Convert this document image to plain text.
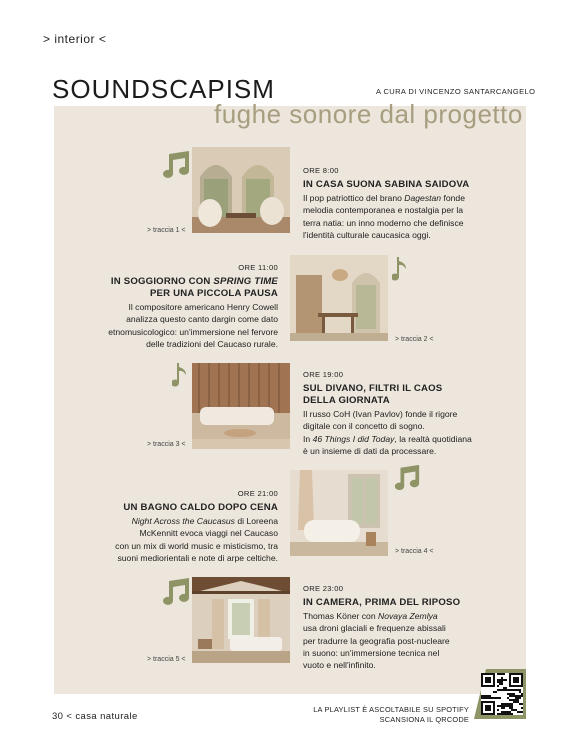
> interior <
SOUNDSCAPISM	A CURA DI VINCENZO SANTARCANGELO
fughe sonore dal progetto
> traccia 1 <
ORE 8:00
IN CASA SUONA SABINA SAIDOVA
Il pop patriottico del brano Dagestan fonde
melodia contemporanea e nostalgia per la
terra natia: un inno moderno che definisce
l'identità culturale caucasica oggi.
ORE 11:00
IN SOGGIORNO CON SPRING TIME
PER UNA PICCOLA PAUSA
Il compositore americano Henry Cowell
analizza questo canto dargin come dato
etnomusicologico: un'immersione nel fervore
delle tradizioni del Caucaso rurale.	> traccia 2 <
> traccia 3 <
ORE 19:00
SUL DIVANO, FILTRI IL CAOS
DELLA GIORNATA
Il russo CoH (Ivan Pavlov) fonde il rigore
digitale con il concetto di sogno.
In 46 Things I did Today, la realtà quotidiana
è un insieme di dati da processare.
ORE 21:00
UN BAGNO CALDO DOPO CENA
Night Across the Caucasus di Loreena
McKennitt evoca viaggi nel Caucaso
con un mix di world music e misticismo, tra
suoni mediorientali e note di arpe celtiche.
> traccia 4 <
> traccia 5 <
ORE 23:00
IN CAMERA, PRIMA DEL RIPOSO
Thomas Köner con Novaya Zemlya
usa droni glaciali e frequenze abissali
per tradurre la geografia post-nucleare
in suono: un'immersione tecnica nel
vuoto e nell'infinito.
LA PLAYLIST È ASCOLTABILE SU SPOTIFY
SCANSIONA IL QRCODE
30 < casa naturale
